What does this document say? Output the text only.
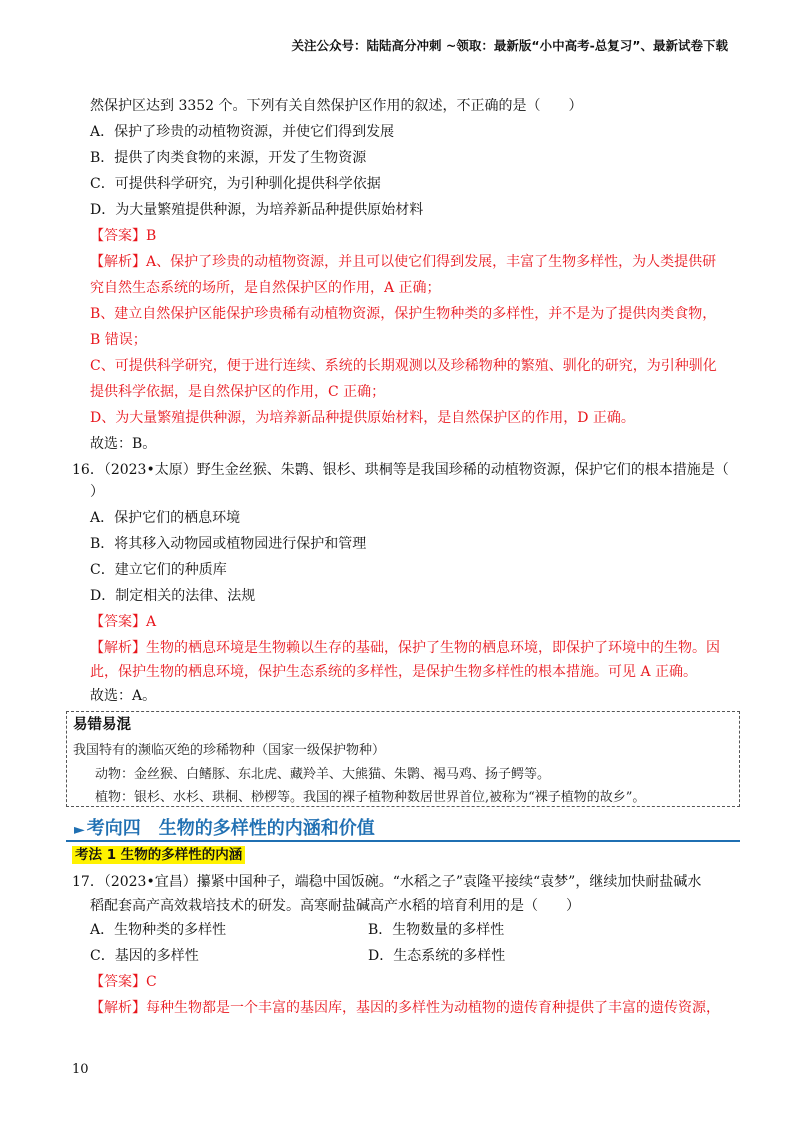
关注公众号：陆陆高分冲刺 ~领取：最新版“小中高考-总复习”、最新试卷下载
然保护区达到 3352 个。下列有关自然保护区作用的叙述，不正确的是（　　）
A．保护了珍贵的动植物资源，并使它们得到发展
B．提供了肉类食物的来源，开发了生物资源
C．可提供科学研究，为引种驯化提供科学依据
D．为大量繁殖提供种源，为培养新品种提供原始材料
【答案】B
【解析】A、保护了珍贵的动植物资源，并且可以使它们得到发展，丰富了生物多样性，为人类提供研
究自然生态系统的场所，是自然保护区的作用，A 正确；
B、建立自然保护区能保护珍贵稀有动植物资源，保护生物种类的多样性，并不是为了提供肉类食物，
B 错误；
C、可提供科学研究，便于进行连续、系统的长期观测以及珍稀物种的繁殖、驯化的研究，为引种驯化
提供科学依据，是自然保护区的作用，C 正确；
D、为大量繁殖提供种源，为培养新品种提供原始材料，是自然保护区的作用，D 正确。
故选：B。
16．（2023•太原）野生金丝猴、朱鹮、银杉、珙桐等是我国珍稀的动植物资源，保护它们的根本措施是（
）
A．保护它们的栖息环境
B．将其移入动物园或植物园进行保护和管理
C．建立它们的种质库
D．制定相关的法律、法规
【答案】A
【解析】生物的栖息环境是生物赖以生存的基础，保护了生物的栖息环境，即保护了环境中的生物。因
此，保护生物的栖息环境，保护生态系统的多样性，是保护生物多样性的根本措施。可见 A 正确。
故选：A。
易错易混
我国特有的濒临灭绝的珍稀物种（国家一级保护物种）
动物：金丝猴、白鳍豚、东北虎、藏羚羊、大熊猫、朱鹮、褐马鸡、扬子鳄等。
植物：银杉、水杉、珙桐、桫椤等。我国的裸子植物种数居世界首位,被称为“裸子植物的故乡”。
► 考向四　生物的多样性的内涵和价值
考法 1 生物的多样性的内涵
17．（2023•宜昌）攥紧中国种子，端稳中国饭碗。“水稻之子”袁隆平接续“袁梦”，继续加快耐盐碱水
稻配套高产高效栽培技术的研发。高寒耐盐碱高产水稻的培育利用的是（　　）
A．生物种类的多样性	B．生物数量的多样性
C．基因的多样性	D．生态系统的多样性
【答案】C
【解析】每种生物都是一个丰富的基因库，基因的多样性为动植物的遗传育种提供了丰富的遗传资源，
10
